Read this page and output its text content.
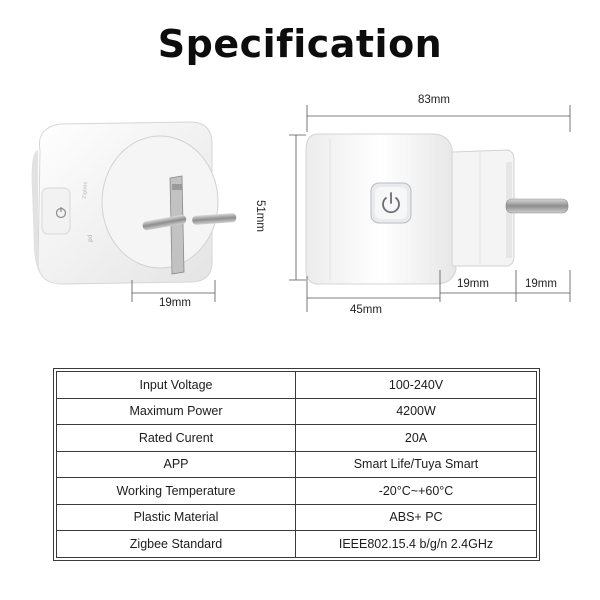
Specification
Zigbee
pd
83mm
51mm
19mm
45mm
19mm	19mm
Input Voltage	100-240V
Maximum Power	4200W
Rated Curent	20A
APP	Smart Life/Tuya Smart
Working Temperature	-20°C~+60°C
Plastic Material	ABS+ PC
Zigbee Standard	IEEE802.15.4 b/g/n 2.4GHz
